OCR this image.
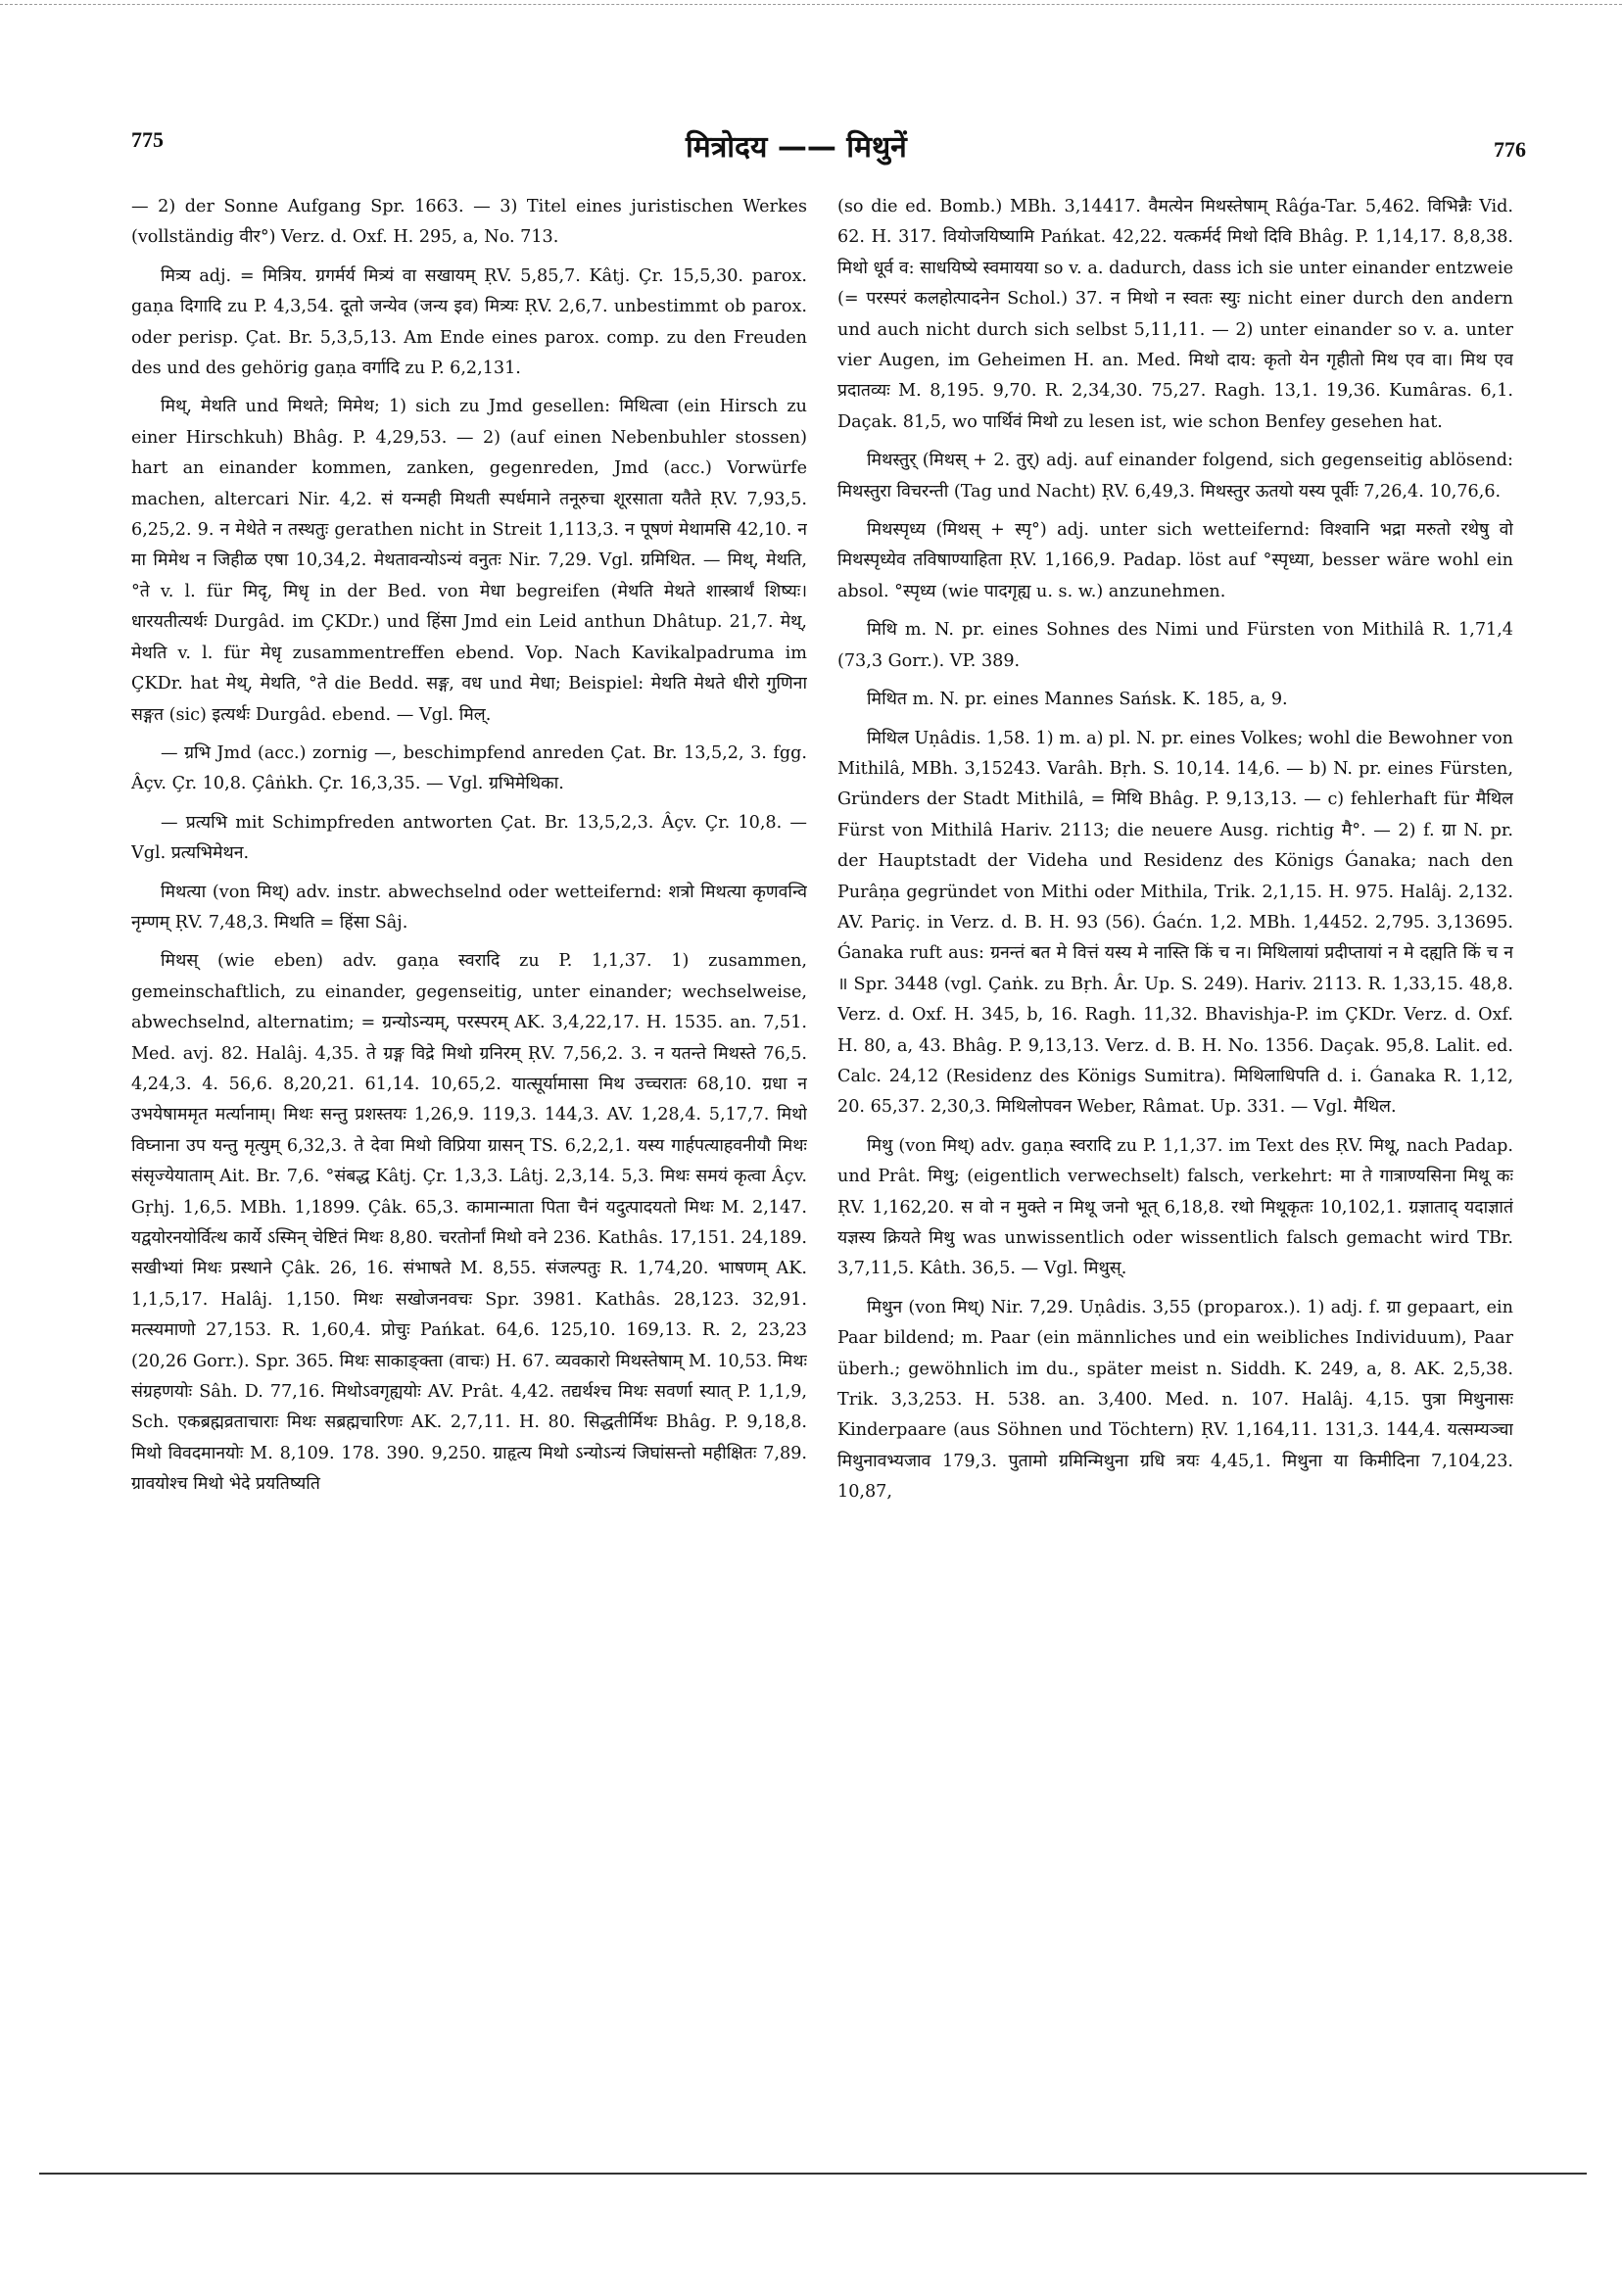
775	मित्रोदय —— मिथुनें	776
— 2) der Sonne Aufgang Spr. 1663. — 3) Titel eines juristischen Werkes (vollständig वीर°) Verz. d. Oxf. H. 295, a, No. 713.
मित्र्य adj. = मित्रिय. ग्रगर्मर्य मित्र्यं वा सखायम् ṚV. 5,85,7. Kâtj. Çr. 15,5,30. parox. gaṇa दिगादि zu P. 4,3,54. दूतो जन्येव (जन्य इव) मित्र्यः ṚV. 2,6,7. unbestimmt ob parox. oder perisp. Çat. Br. 5,3,5,13. Am Ende eines parox. comp. zu den Freuden des und des gehörig gaṇa वर्गादि zu P. 6,2,131.
मिथ्, मेथति und मिथते; मिमेथ; 1) sich zu Jmd gesellen: मिथित्वा (ein Hirsch zu einer Hirschkuh) Bhâg. P. 4,29,53. — 2) (auf einen Nebenbuhler stossen) hart an einander kommen, zanken, gegenreden, Jmd (acc.) Vorwürfe machen, altercari Nir. 4,2. सं यन्मही मिथती स्पर्धमाने तनूरुचा शूरसाता यतैते ṚV. 7,93,5. 6,25,2. 9. न मेथेते न तस्थतुः gerathen nicht in Streit 1,113,3. न पूषणं मेथामसि 42,10. न मा मिमेथ न जिहीळ एषा 10,34,2. मेथतावन्योऽन्यं वनुतः Nir. 7,29. Vgl. ग्रमिथित. — मिथ्, मेथति, °ते v. l. für मिदृ, मिधृ in der Bed. von मेधा begreifen (मेथति मेथते शास्त्रार्थं शिष्यः। धारयतीत्यर्थः Durgâd. im ÇKDr.) und हिंसा Jmd ein Leid anthun Dhâtup. 21,7. मेथ्, मेथति v. l. für मेधृ zusammentreffen ebend. Vop. Nach Kavikalpadruma im ÇKDr. hat मेथ्, मेथति, °ते die Bedd. सङ्ग, वध und मेधा; Beispiel: मेथति मेथते धीरो गुणिना सङ्गत (sic) इत्यर्थः Durgâd. ebend. — Vgl. मिल्.
— ग्रभि Jmd (acc.) zornig —, beschimpfend anreden Çat. Br. 13,5,2, 3. fgg. Âçv. Çr. 10,8. Çâṅkh. Çr. 16,3,35. — Vgl. ग्रभिमेथिका.
— प्रत्यभि mit Schimpfreden antworten Çat. Br. 13,5,2,3. Âçv. Çr. 10,8. — Vgl. प्रत्यभिमेथन.
मिथत्या (von मिथ्) adv. instr. abwechselnd oder wetteifernd: शत्रो मिथत्या कृणवन्वि नृम्णम् ṚV. 7,48,3. मिथति = हिंसा Sâj.
मिथस् (wie eben) adv. gaṇa स्वरादि zu P. 1,1,37. 1) zusammen, gemeinschaftlich, zu einander, gegenseitig, unter einander; wechselweise, abwechselnd, alternatim; = ग्रन्योऽन्यम्, परस्परम् AK. 3,4,22,17. H. 1535. an. 7,51. Med. avj. 82. Halâj. 4,35. ते ग्रङ्ग विद्रे मिथो ग्रनिरम् ṚV. 7,56,2. 3. न यतन्ते मिथस्ते 76,5. 4,24,3. 4. 56,6. 8,20,21. 61,14. 10,65,2. यात्सूर्यामासा मिथ उच्चरातः 68,10. ग्रधा न उभयेषाममृत मर्त्यानाम्। मिथः सन्तु प्रशस्तयः 1,26,9. 119,3. 144,3. AV. 1,28,4. 5,17,7. मिथो विघ्नाना उप यन्तु मृत्युम् 6,32,3. ते देवा मिथो विप्रिया ग्रासन् TS. 6,2,2,1. यस्य गार्हपत्याहवनीयौ मिथः संसृज्येयाताम् Ait. Br. 7,6. °संबद्ध Kâtj. Çr. 1,3,3. Lâtj. 2,3,14. 5,3. मिथः समयं कृत्वा Âçv. Gṛhj. 1,6,5. MBh. 1,1899. Çâk. 65,3. कामान्माता पिता चैनं यदुत्पादयतो मिथः M. 2,147. यद्वयोरनयोर्वित्थ कार्ये ऽस्मिन् चेष्टितं मिथः 8,80. चरतोर्नां मिथो वने 236. Kathâs. 17,151. 24,189. सखीभ्यां मिथः प्रस्थाने Çâk. 26, 16. संभाषते M. 8,55. संजल्पतुः R. 1,74,20. भाषणम् AK. 1,1,5,17. Halâj. 1,150. मिथः सखोजनवचः Spr. 3981. Kathâs. 28,123. 32,91. मत्स्यमाणो 27,153. R. 1,60,4. प्रोचुः Pańkat. 64,6. 125,10. 169,13. R. 2, 23,23 (20,26 Gorr.). Spr. 365. मिथः साकाङ्क्ता (वाचः) H. 67. व्यवकारो मिथस्तेषाम् M. 10,53. मिथः संग्रहणयोः Sâh. D. 77,16. मिथोऽवगृह्ययोः AV. Prât. 4,42. तद्यर्थश्च मिथः सवर्णा स्यात् P. 1,1,9, Sch. एकब्रह्मव्रताचाराः मिथः सब्रह्मचारिणः AK. 2,7,11. H. 80. सिद्धतीर्मिथः Bhâg. P. 9,18,8. मिथो विवदमानयोः M. 8,109. 178. 390. 9,250. ग्राहृत्य मिथो ऽन्योऽन्यं जिघांसन्तो महीक्षितः 7,89. ग्रावयोश्च मिथो भेदे प्रयतिष्यति
(so die ed. Bomb.) MBh. 3,14417. वैमत्येन मिथस्तेषाम् Râǵa-Tar. 5,462. विभिन्नैः Vid. 62. H. 317. वियोजयिष्यामि Pańkat. 42,22. यत्कर्मर्द मिथो दिवि Bhâg. P. 1,14,17. 8,8,38. मिथो धूर्व व: साधयिष्ये स्वमायया so v. a. dadurch, dass ich sie unter einander entzweie (= परस्परं कलहोत्पादनेन Schol.) 37. न मिथो न स्वतः स्युः nicht einer durch den andern und auch nicht durch sich selbst 5,11,11. — 2) unter einander so v. a. unter vier Augen, im Geheimen H. an. Med. मिथो दाय: कृतो येन गृहीतो मिथ एव वा। मिथ एव प्रदातव्यः M. 8,195. 9,70. R. 2,34,30. 75,27. Ragh. 13,1. 19,36. Kumâras. 6,1. Daçak. 81,5, wo पार्थिवं मिथो zu lesen ist, wie schon Benfey gesehen hat.
मिथस्तुर् (मिथस् + 2. तुर्) adj. auf einander folgend, sich gegenseitig ablösend: मिथस्तुरा विचरन्ती (Tag und Nacht) ṚV. 6,49,3. मिथस्तुर ऊतयो यस्य पूर्वीः 7,26,4. 10,76,6.
मिथस्पृध्य (मिथस् + स्पृ°) adj. unter sich wetteifernd: विश्वानि भद्रा मरुतो रथेषु वो मिथस्पृध्येव तविषाण्याहिता ṚV. 1,166,9. Padap. löst auf °स्पृध्या, besser wäre wohl ein absol. °स्पृध्य (wie पादगृह्य u. s. w.) anzunehmen.
मिथि m. N. pr. eines Sohnes des Nimi und Fürsten von Mithilâ R. 1,71,4 (73,3 Gorr.). VP. 389.
मिथित m. N. pr. eines Mannes Sańsk. K. 185, a, 9.
मिथिल Uṇâdis. 1,58. 1) m. a) pl. N. pr. eines Volkes; wohl die Bewohner von Mithilâ, MBh. 3,15243. Varâh. Bṛh. S. 10,14. 14,6. — b) N. pr. eines Fürsten, Gründers der Stadt Mithilâ, = मिथि Bhâg. P. 9,13,13. — c) fehlerhaft für मैथिल Fürst von Mithilâ Hariv. 2113; die neuere Ausg. richtig मै°. — 2) f. ग्रा N. pr. der Hauptstadt der Videha und Residenz des Königs Ǵanaka; nach den Purâṇa gegründet von Mithi oder Mithila, Trik. 2,1,15. H. 975. Halâj. 2,132. AV. Pariç. in Verz. d. B. H. 93 (56). Ǵaćn. 1,2. MBh. 1,4452. 2,795. 3,13695. Ǵanaka ruft aus: ग्रनन्तं बत मे वित्तं यस्य मे नास्ति किं च न। मिथिलायां प्रदीप्तायां न मे दह्यति किं च न ॥ Spr. 3448 (vgl. Çaṅk. zu Bṛh. Âr. Up. S. 249). Hariv. 2113. R. 1,33,15. 48,8. Verz. d. Oxf. H. 345, b, 16. Ragh. 11,32. Bhavishja-P. im ÇKDr. Verz. d. Oxf. H. 80, a, 43. Bhâg. P. 9,13,13. Verz. d. B. H. No. 1356. Daçak. 95,8. Lalit. ed. Calc. 24,12 (Residenz des Königs Sumitra). मिथिलाधिपति d. i. Ǵanaka R. 1,12, 20. 65,37. 2,30,3. मिथिलोपवन Weber, Râmat. Up. 331. — Vgl. मैथिल.
मिथु (von मिथ्) adv. gaṇa स्वरादि zu P. 1,1,37. im Text des ṚV. मिथू, nach Padap. und Prât. मिथु; (eigentlich verwechselt) falsch, verkehrt: मा ते गात्राण्यसिना मिथू कः ṚV. 1,162,20. स वो न मुक्ते न मिथू जनो भूत् 6,18,8. रथो मिथूकृतः 10,102,1. ग्रज्ञाताद् यदाज्ञातं यज्ञस्य क्रियते मिथु was unwissentlich oder wissentlich falsch gemacht wird TBr. 3,7,11,5. Kâth. 36,5. — Vgl. मिथुस्.
मिथुन (von मिथ्) Nir. 7,29. Uṇâdis. 3,55 (proparox.). 1) adj. f. ग्रा gepaart, ein Paar bildend; m. Paar (ein männliches und ein weibliches Individuum), Paar überh.; gewöhnlich im du., später meist n. Siddh. K. 249, a, 8. AK. 2,5,38. Trik. 3,3,253. H. 538. an. 3,400. Med. n. 107. Halâj. 4,15. पुत्रा मिथुनासः Kinderpaare (aus Söhnen und Töchtern) ṚV. 1,164,11. 131,3. 144,4. यत्सम्यञ्चा मिथुनावभ्यजाव 179,3. पुतामो ग्रमिन्मिथुना ग्रधि त्रयः 4,45,1. मिथुना या किमीदिना 7,104,23. 10,87,
